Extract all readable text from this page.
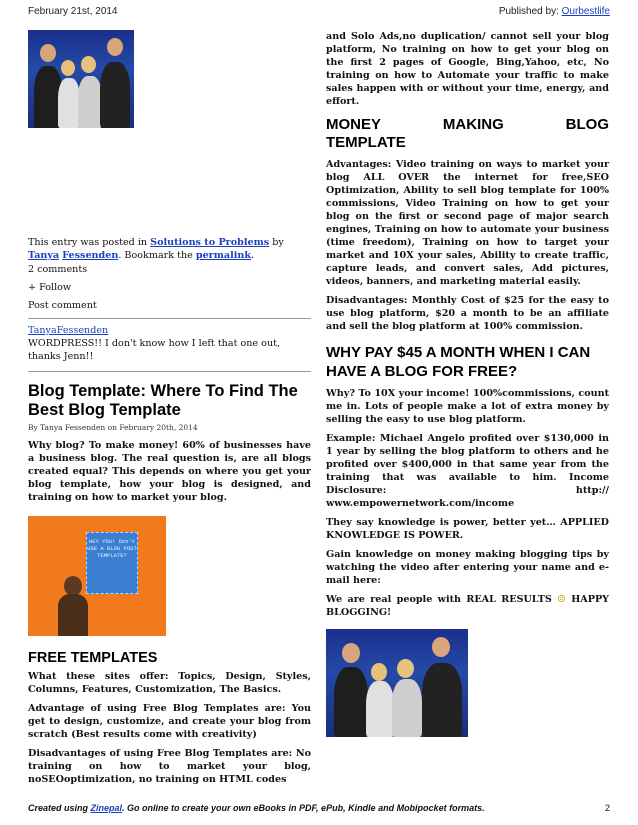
February 21st, 2014	Published by: Ourbestlife

This entry was posted in Solutions to Problems by Tanya Fessenden. Bookmark the permalink.

2 comments

+ Follow

Post comment

TanyaFessenden

WORDPRESS!! I don't know how I left that one out, thanks Jenn!!

Blog Template: Where To Find The Best Blog Template
By Tanya Fessenden on February 20th, 2014

Why blog? To make money! 60% of businesses have a business blog. The real question is, are all blogs created equal? This depends on where you get your blog template, how your blog is designed, and training on how to market your blog.

HEY YOU! Don't USE A BLOG POST TEMPLATE?
FREE TEMPLATES

What these sites offer: Topics, Design, Styles, Columns, Features, Customization, The Basics.

Advantage of using Free Blog Templates are: You get to design, customize, and create your blog from scratch (Best results come with creativity)

Disadvantages of using Free Blog Templates are: No training on how to market your blog, noSEOoptimization, no training on HTML codes

and Solo Ads,no duplication/ cannot sell your blog platform, No training on how to get your blog on the first 2 pages of Google, Bing,Yahoo, etc, No training on how to Automate your traffic to make sales happen with or without your time, energy, and effort.

MONEY	MAKING	BLOG
TEMPLATE

Advantages: Video training on ways to market your blog ALL OVER the internet for free,SEO Optimization, Ability to sell blog template for 100% commissions, Video Training on how to get your blog on the first or second page of major search engines, Training on how to automate your business (time freedom), Training on how to target your market and 10X your sales, Ability to create traffic, capture leads, and convert sales, Add pictures, videos, banners, and marketing material easily.

Disadvantages: Monthly Cost of $25 for the easy to use blog platform, $20 a month to be an affiliate and sell the blog platform at 100% commission.

WHY PAY $45 A MONTH WHEN I CAN HAVE A BLOG FOR FREE?

Why? To 10X your income! 100%commissions, count me in. Lots of people make a lot of extra money by selling the easy to use blog platform.

Example: Michael Angelo profited over $130,000 in 1 year by selling the blog platform to others and he profited over $400,000 in that same year from the training that was available to him. Income Disclosure: http:// www.empowernetwork.com/income

They say knowledge is power, better yet… APPLIED KNOWLEDGE IS POWER.

Gain knowledge on money making blogging tips by watching the video after entering your name and e-mail here:

We are real people with REAL RESULTS ☺ HAPPY BLOGGING!

Created using Zinepal. Go online to create your own eBooks in PDF, ePub, Kindle and Mobipocket formats.	2
